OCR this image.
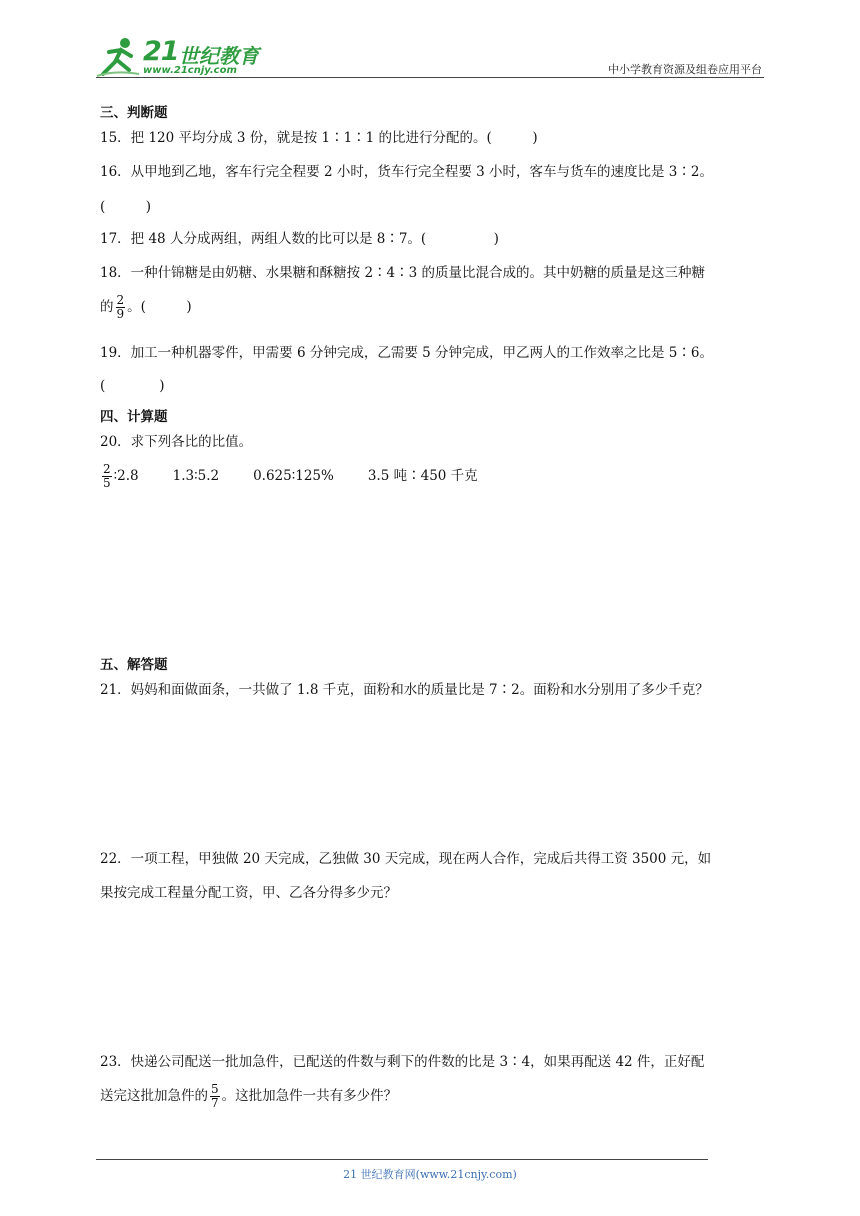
21 世纪教育
www.21cnjy.com	中小学教育资源及组卷应用平台
三、判断题
15．把 120 平均分成 3 份，就是按 1∶1∶1 的比进行分配的。(　　　)
16．从甲地到乙地，客车行完全程要 2 小时，货车行完全程要 3 小时，客车与货车的速度比是 3∶2。
(　　　)
17．把 48 人分成两组，两组人数的比可以是 8∶7。(　　　　　)
18．一种什锦糖是由奶糖、水果糖和酥糖按 2∶4∶3 的质量比混合成的。其中奶糖的质量是这三种糖
的 $\frac{2}{9}$ 。(　　　)
19．加工一种机器零件，甲需要 6 分钟完成，乙需要 5 分钟完成，甲乙两人的工作效率之比是 5∶6。
(　　　　)
四、计算题
20．求下列各比的比值。
$\frac{2}{5}$ ∶2.8	1.3∶5.2	0.625∶125%	3.5 吨∶450 千克
五、解答题
21．妈妈和面做面条，一共做了 1.8 千克，面粉和水的质量比是 7∶2。面粉和水分别用了多少千克？
22．一项工程，甲独做 20 天完成，乙独做 30 天完成，现在两人合作，完成后共得工资 3500 元，如
果按完成工程量分配工资，甲、乙各分得多少元？
23．快递公司配送一批加急件，已配送的件数与剩下的件数的比是 3∶4，如果再配送 42 件，正好配
送完这批加急件的 $\frac{5}{7}$ 。这批加急件一共有多少件？
21 世纪教育网(www.21cnjy.com)
